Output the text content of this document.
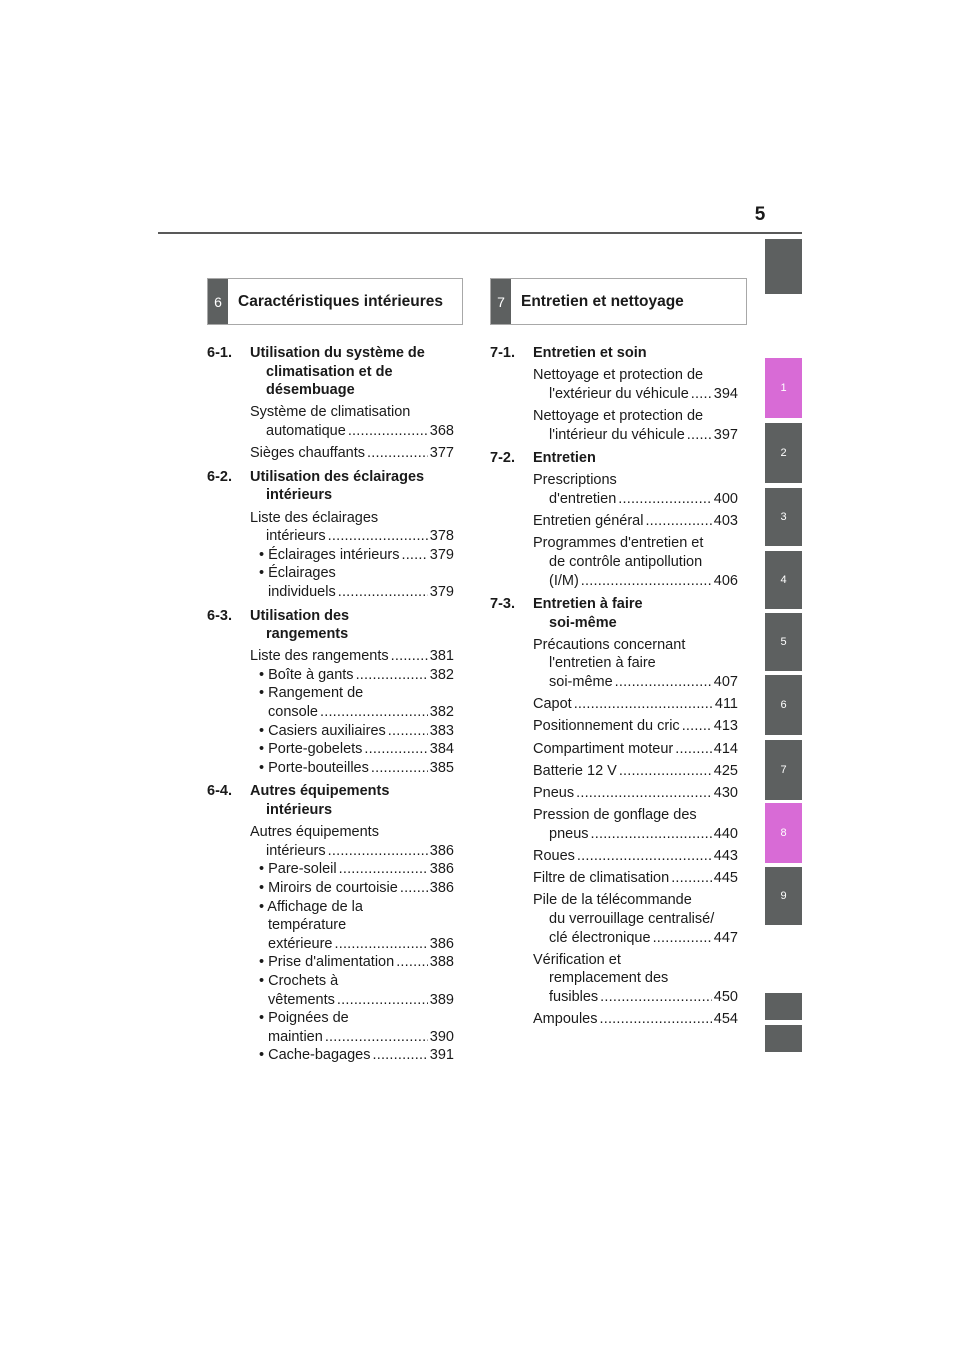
5
1
2
3
4
5
6
7
8
9
6	Caractéristiques intérieures	7	Entretien et nettoyage
6-1.	Utilisation du système de
climatisation et de
désembuage
Système de climatisation
automatique .....	368
Sièges chauffants .....	377
6-2.	Utilisation des éclairages
intérieurs
Liste des éclairages
intérieurs .....	378
• Éclairages intérieurs ..... 379
• Éclairages
individuels .....	379
6-3.	Utilisation des
rangements
Liste des rangements .....	381
• Boîte à gants .....	382
• Rangement de
console .....	382
• Casiers auxiliaires .....	383
• Porte-gobelets .....	384
• Porte-bouteilles .....	385
6-4.	Autres équipements
intérieurs
Autres équipements
intérieurs .....	386
• Pare-soleil .....	386
• Miroirs de courtoisie ..... 386
• Affichage de la
température
extérieure .....	386
• Prise d'alimentation ..... 388
• Crochets à
vêtements .....	389
• Poignées de
maintien .....	390
• Cache-bagages .....	391
7-1.	Entretien et soin
Nettoyage et protection de
l'extérieur du véhicule ..... 394
Nettoyage et protection de
l'intérieur du véhicule ..... 397
7-2.	Entretien
Prescriptions
d'entretien .....	400
Entretien général .....	403
Programmes d'entretien et
de contrôle antipollution
(I/M) .....	406
7-3.	Entretien à faire
soi-même
Précautions concernant
l'entretien à faire
soi-même .....	407
Capot .....	411
Positionnement du cric ..... 413
Compartiment moteur .....	414
Batterie 12 V .....	425
Pneus .....	430
Pression de gonflage des
pneus .....	440
Roues .....	443
Filtre de climatisation .....	445
Pile de la télécommande
du verrouillage centralisé/
clé électronique .....	447
Vérification et
remplacement des
fusibles .....	450
Ampoules .....	454
